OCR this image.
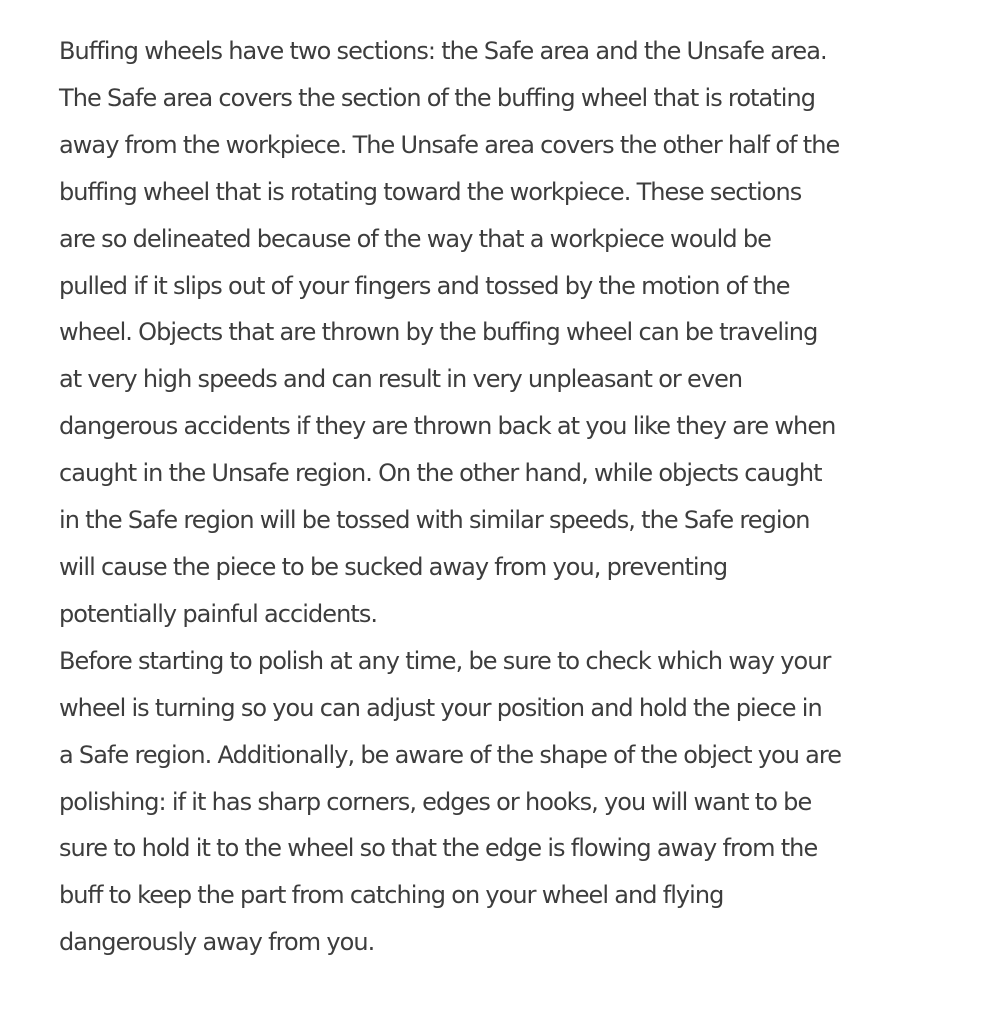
Buffing wheels have two sections: the Safe area and the Unsafe area.
The Safe area covers the section of the buffing wheel that is rotating
away from the workpiece. The Unsafe area covers the other half of the
buffing wheel that is rotating toward the workpiece. These sections
are so delineated because of the way that a workpiece would be
pulled if it slips out of your fingers and tossed by the motion of the
wheel. Objects that are thrown by the buffing wheel can be traveling
at very high speeds and can result in very unpleasant or even
dangerous accidents if they are thrown back at you like they are when
caught in the Unsafe region. On the other hand, while objects caught
in the Safe region will be tossed with similar speeds, the Safe region
will cause the piece to be sucked away from you, preventing
potentially painful accidents.

Before starting to polish at any time, be sure to check which way your
wheel is turning so you can adjust your position and hold the piece in
a Safe region. Additionally, be aware of the shape of the object you are
polishing: if it has sharp corners, edges or hooks, you will want to be
sure to hold it to the wheel so that the edge is flowing away from the
buff to keep the part from catching on your wheel and flying
dangerously away from you.
